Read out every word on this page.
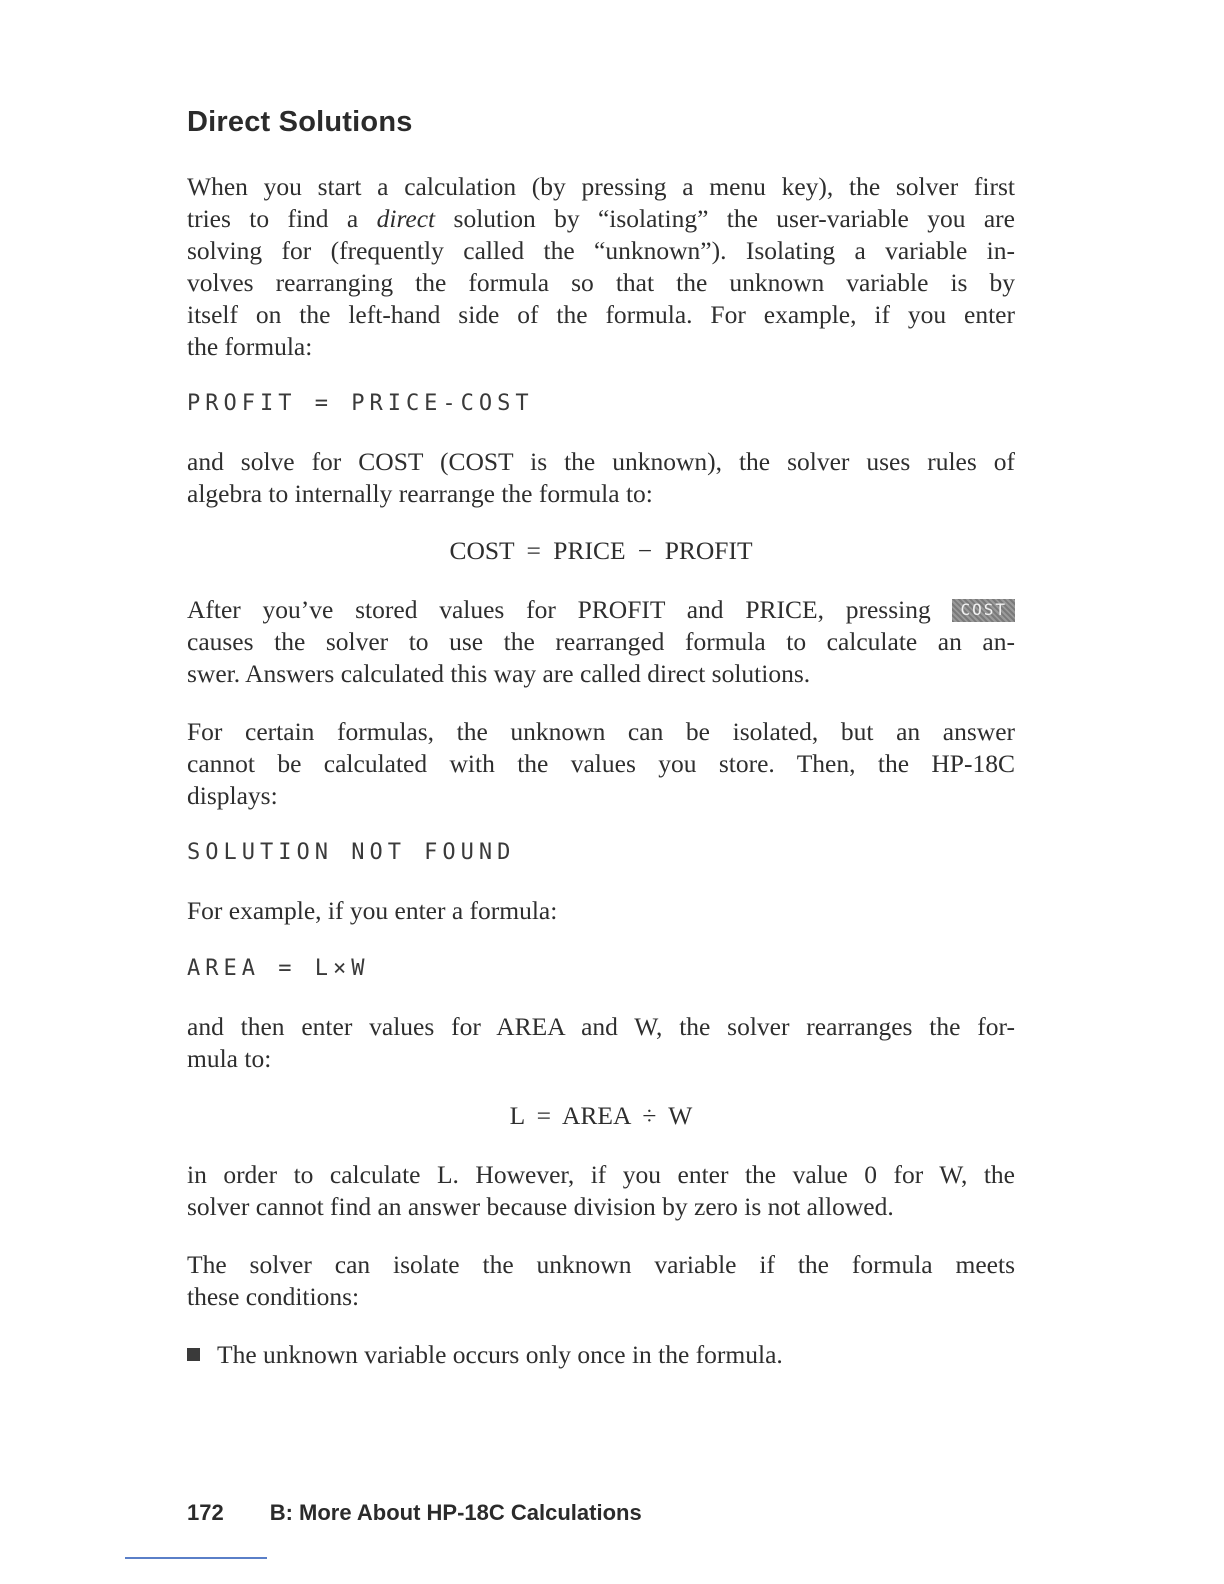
Direct Solutions

When you start a calculation (by pressing a menu key), the solver first
tries to find a direct solution by “isolating” the user-variable you are
solving for (frequently called the “unknown”). Isolating a variable in-
volves rearranging the formula so that the unknown variable is by
itself on the left-hand side of the formula. For example, if you enter
the formula:

PROFIT = PRICE-COST

and solve for COST (COST is the unknown), the solver uses rules of
algebra to internally rearrange the formula to:

COST = PRICE − PROFIT

After you’ve stored values for PROFIT and PRICE, pressing COST
causes the solver to use the rearranged formula to calculate an an-
swer. Answers calculated this way are called direct solutions.

For certain formulas, the unknown can be isolated, but an answer
cannot be calculated with the values you store. Then, the HP-18C
displays:

SOLUTION NOT FOUND

For example, if you enter a formula:

AREA = L×W

and then enter values for AREA and W, the solver rearranges the for-
mula to:

L = AREA ÷ W

in order to calculate L. However, if you enter the value 0 for W, the
solver cannot find an answer because division by zero is not allowed.

The solver can isolate the unknown variable if the formula meets
these conditions:

The unknown variable occurs only once in the formula.

172 B: More About HP-18C Calculations
